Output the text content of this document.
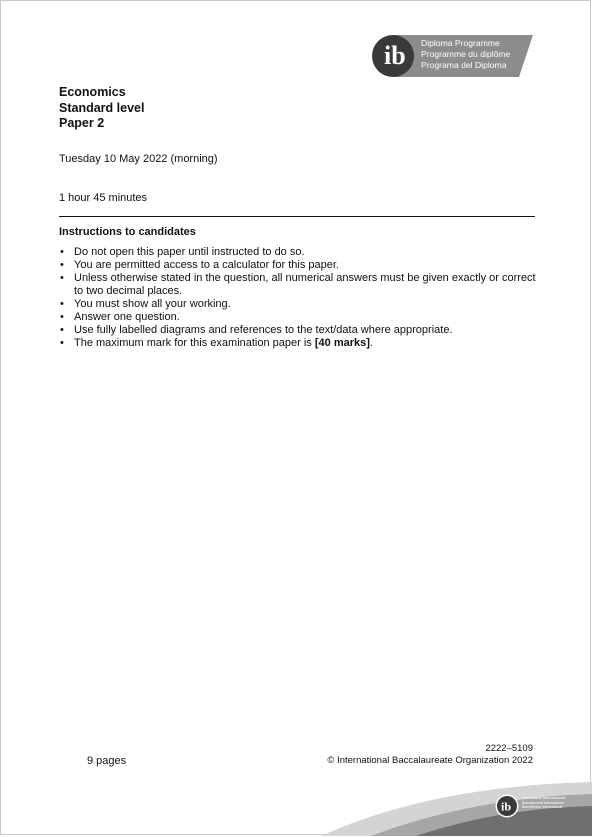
ib Diploma Programme
Programme du diplôme
Programa del Diploma
Economics
Standard level
Paper 2
Tuesday 10 May 2022 (morning)
1 hour 45 minutes
Instructions to candidates
• Do not open this paper until instructed to do so.
• You are permitted access to a calculator for this paper.
• Unless otherwise stated in the question, all numerical answers must be given exactly or correct to two decimal places.
• You must show all your working.
• Answer one question.
• Use fully labelled diagrams and references to the text/data where appropriate.
• The maximum mark for this examination paper is [40 marks].
9 pages
2222–5109
© International Baccalaureate Organization 2022
ib
International Baccalaureate
Baccalauréat International
Bachillerato Internacional
